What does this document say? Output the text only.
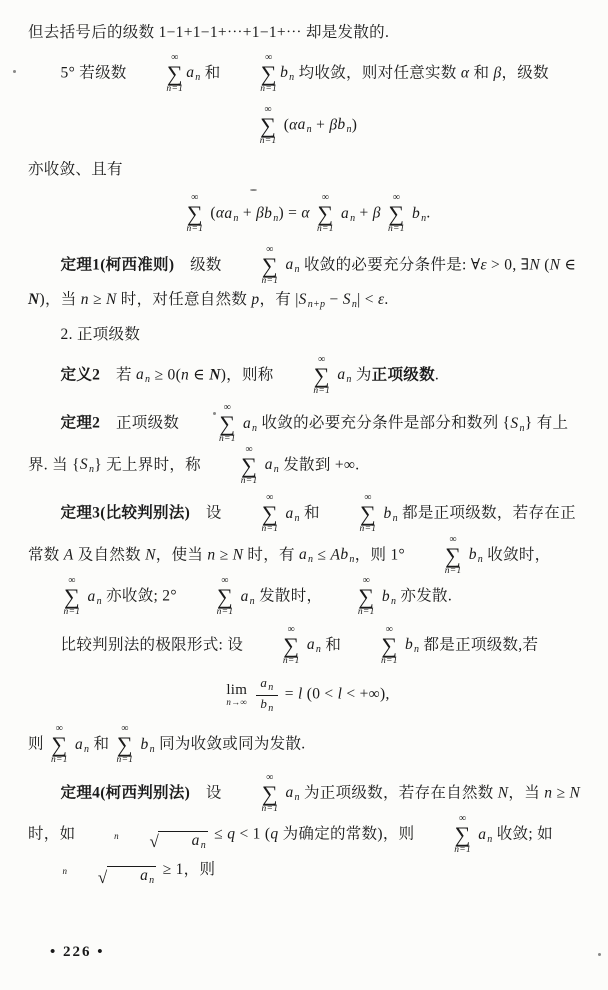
但去括号后的级数 1−1+1−1+⋯+1−1+⋯ 却是发散的.
5° 若级数
∞
∑
n=1
an 和
∞
∑
n=1
bn 均收敛，则对任意实数 α 和 β，级数
∞
∑
n=1
(αan + βbn)
亦收敛、且有
∞
∑
n=1
(αan + βbn) = α
∞
∑
n=1
an + β
∞
∑
n=1
bn.
定理1(柯西准则)　级数
∞
∑
n=1
an 收敛的必要充分条件是: ∀ε > 0, ∃N (N ∈ N)，当 n ≥ N 时，对任意自然数 p，有 |Sn+p − Sn| < ε.
2. 正项级数
定义2　若 an ≥ 0(n ∈ N)，则称
∞
∑
n=1
an 为正项级数.
定理2　正项级数
∞
∑
n=1
an 收敛的必要充分条件是部分和数列 {Sn} 有上界. 当 {Sn} 无上界时，称
∞
∑
n=1
an 发散到 +∞.
定理3(比较判别法)　设
∞
∑
n=1
an 和
∞
∑
n=1
bn 都是正项级数，若存在正常数 A 及自然数 N，使当 n ≥ N 时，有 an ≤ Abn，则 1°
∞
∑
n=1
bn 收敛时，
∞
∑
n=1
an 亦收敛; 2°
∞
∑
n=1
an 发散时，
∞
∑
n=1
bn 亦发散.
比较判别法的极限形式: 设
∞
∑
n=1
an 和
∞
∑
n=1
bn 都是正项级数,若
lim
n→∞
$\frac{a_n}{b_n} = l$ (0 < l < +∞),
则
∞
∑
n=1
an 和
∞
∑
n=1
bn 同为收敛或同为发散.
定理4(柯西判别法)　设
∞
∑
n=1
an 为正项级数，若存在自然数 N，当 n ≥ N 时，如	n	√	an
≤ q < 1 (q 为确定的常数)，则
∞
∑
n=1
an 收敛; 如
n	√	an
≥ 1，则
• 226 •
